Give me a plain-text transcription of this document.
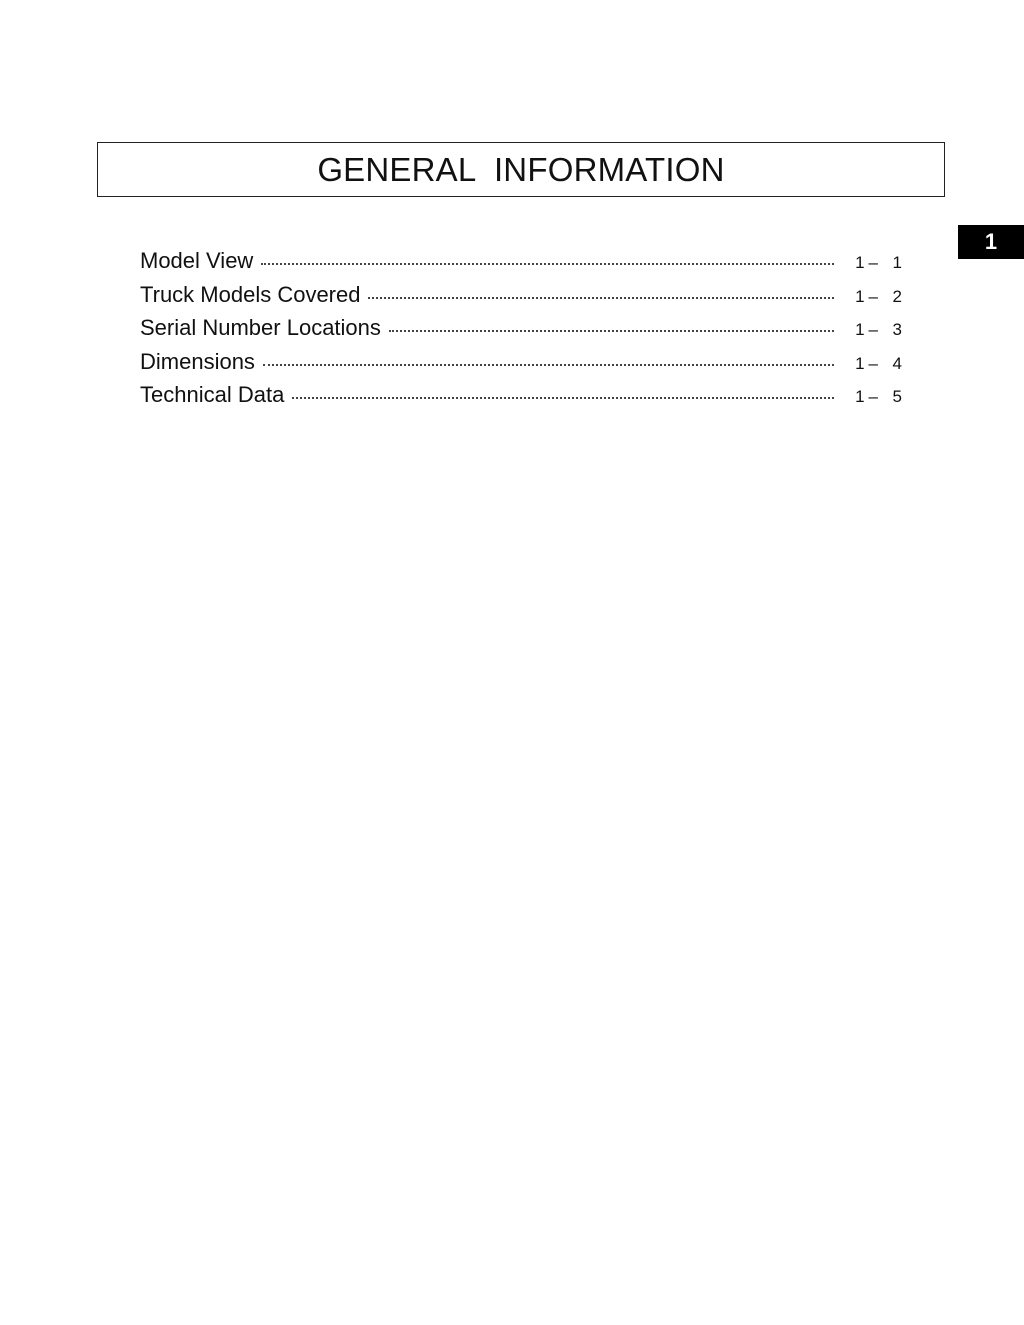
GENERAL  INFORMATION
1
Model View	1 – 1
Truck Models Covered	1 – 2
Serial Number Locations	1 – 3
Dimensions	1 – 4
Technical Data	1 – 5
